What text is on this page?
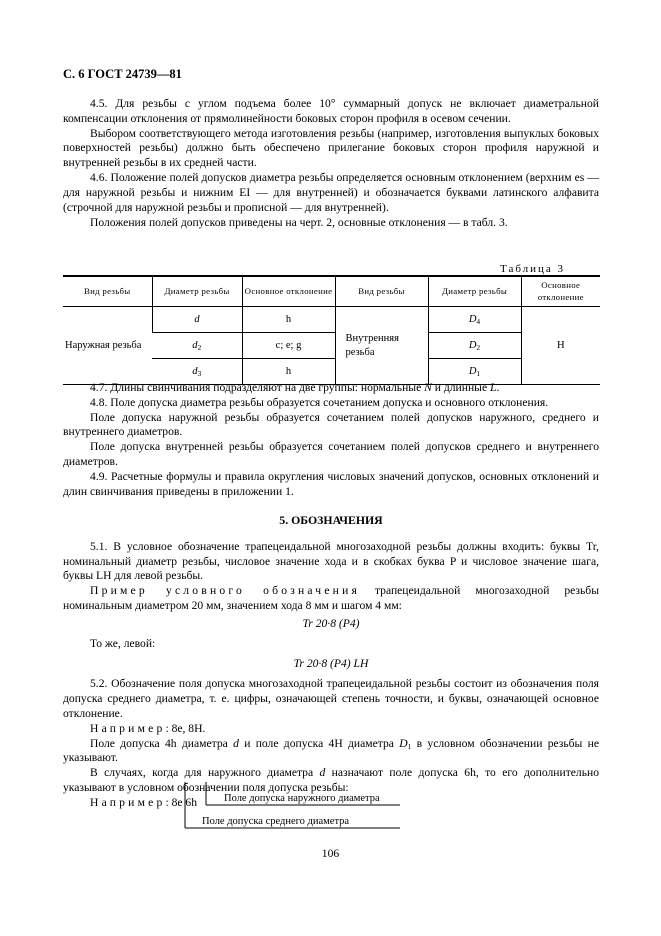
С. 6 ГОСТ 24739—81

4.5. Для резьбы с углом подъема более 10° суммарный допуск не включает диаметральной компенсации отклонения от прямолинейности боковых сторон профиля в осевом сечении.

Выбором соответствующего метода изготовления резьбы (например, изготовления выпуклых боковых поверхностей резьбы) должно быть обеспечено прилегание боковых сторон профиля наружной и внутренней резьбы в их средней части.

4.6. Положение полей допусков диаметра резьбы определяется основным отклонением (верхним es — для наружной резьбы и нижним EI — для внутренней) и обозначается буквами латинского алфавита (строчной для наружной резьбы и прописной — для внутренней).

Положения полей допусков приведены на черт. 2, основные отклонения — в табл. 3.

Таблица 3
Вид резьбы	Диаметр резьбы	Основное отклонение	Вид резьбы	Диаметр резьбы	Основное отклонение
Наружная резьба	d	h	Внутренняя резьба	$D_4$	H
	$d_2$	c; e; g		$D_2$
	$d_3$	h		$D_1$

4.7. Длины свинчивания подразделяют на две группы: нормальные N и длинные L.

4.8. Поле допуска диаметра резьбы образуется сочетанием допуска и основного отклонения.

Поле допуска наружной резьбы образуется сочетанием полей допусков наружного, среднего и внутреннего диаметров.

Поле допуска внутренней резьбы образуется сочетанием полей допусков среднего и внутреннего диаметров.

4.9. Расчетные формулы и правила округления числовых значений допусков, основных отклонений и длин свинчивания приведены в приложении 1.

5. ОБОЗНАЧЕНИЯ

5.1. В условное обозначение трапецеидальной многозаходной резьбы должны входить: буквы Tr, номинальный диаметр резьбы, числовое значение хода и в скобках буква P и числовое значение шага, буквы LH для левой резьбы.

Пример условного обозначения трапецеидальной многозаходной резьбы номинальным диаметром 20 мм, значением хода 8 мм и шагом 4 мм:

Tr 20·8 (P4)

То же, левой:

Tr 20·8 (P4) LH

5.2. Обозначение поля допуска многозаходной трапецеидальной резьбы состоит из обозначения поля допуска среднего диаметра, т. е. цифры, означающей степень точности, и буквы, означающей основное отклонение.

Например: 8e, 8H.

Поле допуска 4h диаметра d и поле допуска 4H диаметра $D_1$ в условном обозначении резьбы не указывают.

В случаях, когда для наружного диаметра d назначают поле допуска 6h, то его дополнительно указывают в условном обозначении поля допуска резьбы:

Например: 8e 6h	Поле допуска наружного диаметра
Поле допуска среднего диаметра
106
